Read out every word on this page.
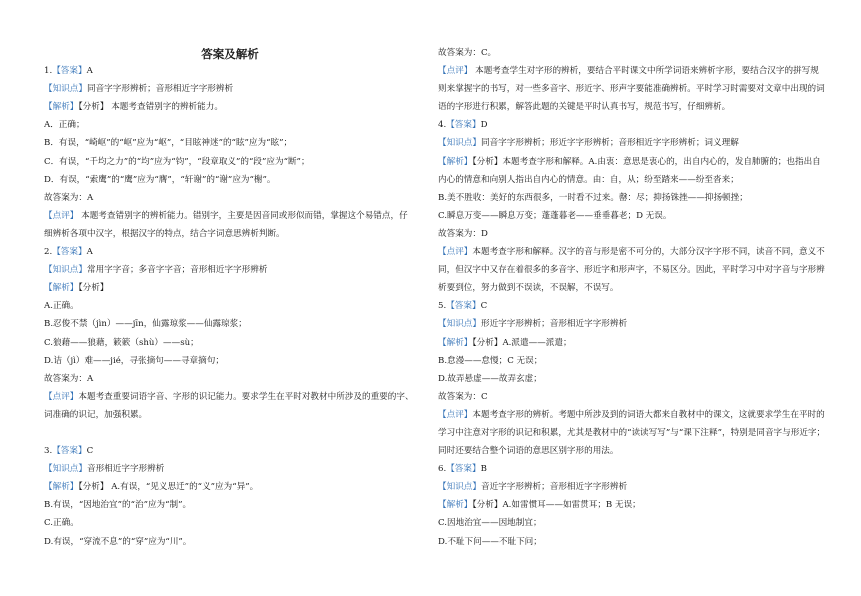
答案及解析
1.【答案】A
【知识点】同音字字形辨析；音形相近字字形辨析
【解析】【分析】 本题考查错别字的辨析能力。
A．正确；
B．有误，“崎岖”的“岖”应为“岖”，“目眩神迷”的“眩”应为“眩”；
C．有误，“千均之力”的“均”应为“钧”，“段章取义”的“段”应为“断”；
D．有误，“索鹰”的“鹰”应为“膺”，“轩谢”的“谢”应为“榭”。
故答案为：A
【点评】 本题考查错别字的辨析能力。错别字，主要是因音同或形似而错，掌握这个易错点，仔细辨析各项中汉字，根据汉字的特点，结合字词意思辨析判断。
2.【答案】A
【知识点】常用字字音；多音字字音；音形相近字字形辨析
【解析】【分析】
A.正确。
B.忍俊不禁（jìn）——jīn，仙露琼浆——仙露琼浆；
C.狼藉——狼藉，簌簌（shù）——sù；
D.诘（jì）难——jié，寻张摘句——寻章摘句；
故答案为：A
【点评】本题考查重要词语字音、字形的识记能力。要求学生在平时对教材中所涉及的重要的字、词准确的识记，加强积累。
3.【答案】C
【知识点】音形相近字字形辨析
【解析】【分析】 A.有误，“见义思迁”的“义”应为“异”。
B.有误，“因地治宜”的“治”应为“制”。
C.正确。
D.有误，“穿流不息”的“穿”应为“川”。
故答案为：C。
【点评】 本题考查学生对字形的辨析，要结合平时课文中所学词语来辨析字形，要结合汉字的拼写规则来掌握字的书写，对一些多音字、形近字、形声字要能准确辨析。平时学习时需要对文章中出现的词语的字形进行积累，解答此题的关键是平时认真书写，规范书写，仔细辨析。
4.【答案】D
【知识点】同音字字形辨析；形近字字形辨析；音形相近字字形辨析；词义理解
【解析】【分析】本题考查字形和解释。A.由衷：意思是衷心的，出自内心的，发自肺腑的；也指出自内心的情意和向别人指出自内心的情意。由：自，从；纷至踏来——纷至沓来；
B.美不胜收：美好的东西很多，一时看不过来。罄：尽；抑扬铢挫——抑扬顿挫；
C.瞬息万变——瞬息万变；蓬蓬暮老——垂垂暮老；D 无误。
故答案为：D
【点评】本题考查字形和解释。汉字的音与形是密不可分的，大部分汉字字形不同，读音不同，意义不同，但汉字中又存在着很多的多音字、形近字和形声字，不易区分。因此，平时学习中对字音与字形辨析要到位，努力做到不误读，不误解，不误写。
5.【答案】C
【知识点】形近字字形辨析；音形相近字字形辨析
【解析】【分析】A.派遣——派遣；
B.怠漫——怠慢；C 无误；
D.故弄悬虚——故弄玄虚；
故答案为：C
【点评】本题考查字形的辨析。考题中所涉及到的词语大都来自教材中的课文，这就要求学生在平时的学习中注意对字形的识记和积累，尤其是教材中的“读读写写”与“课下注释”，特别是同音字与形近字；同时还要结合整个词语的意思区别字形的用法。
6.【答案】B
【知识点】音近字字形辨析；音形相近字字形辨析
【解析】【分析】A.如雷惯耳——如雷贯耳；B 无误；
C.因地治宜——因地制宜；
D.不耻下问——不耻下问；
